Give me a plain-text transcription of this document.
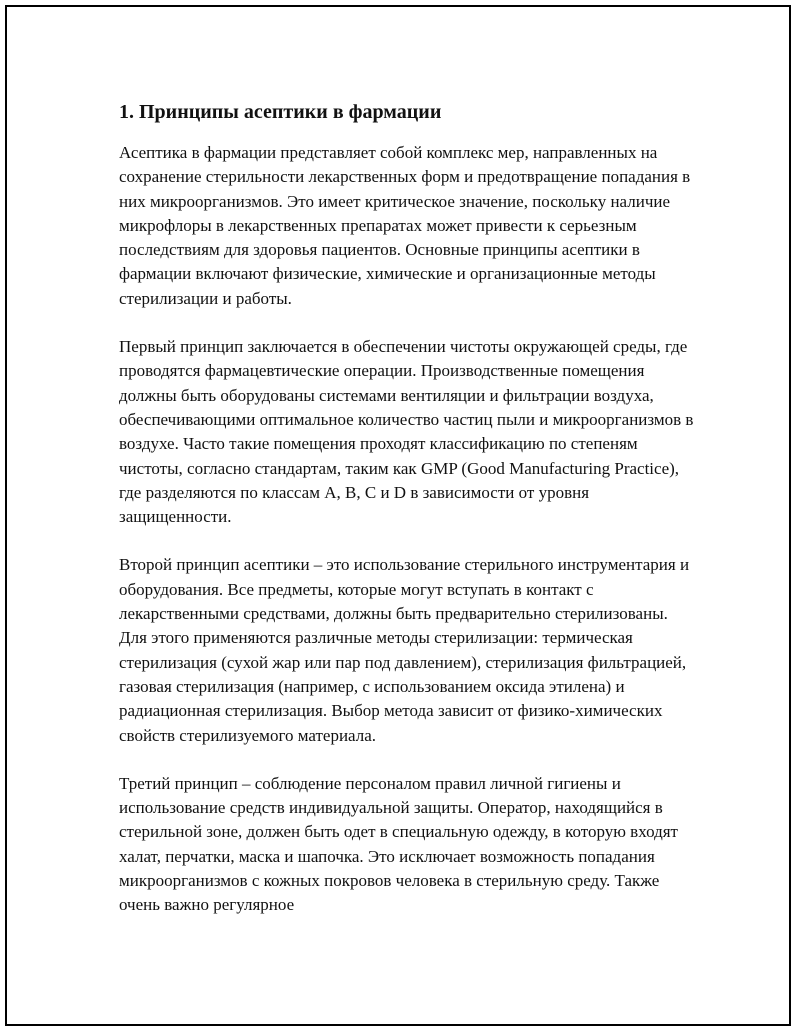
1. Принципы асептики в фармации

Асептика в фармации представляет собой комплекс мер, направленных на сохранение стерильности лекарственных форм и предотвращение попадания в них микроорганизмов. Это имеет критическое значение, поскольку наличие микрофлоры в лекарственных препаратах может привести к серьезным последствиям для здоровья пациентов. Основные принципы асептики в фармации включают физические, химические и организационные методы стерилизации и работы.

Первый принцип заключается в обеспечении чистоты окружающей среды, где проводятся фармацевтические операции. Производственные помещения должны быть оборудованы системами вентиляции и фильтрации воздуха, обеспечивающими оптимальное количество частиц пыли и микроорганизмов в воздухе. Часто такие помещения проходят классификацию по степеням чистоты, согласно стандартам, таким как GMP (Good Manufacturing Practice), где разделяются по классам A, B, C и D в зависимости от уровня защищенности.

Второй принцип асептики – это использование стерильного инструментария и оборудования. Все предметы, которые могут вступать в контакт с лекарственными средствами, должны быть предварительно стерилизованы. Для этого применяются различные методы стерилизации: термическая стерилизация (сухой жар или пар под давлением), стерилизация фильтрацией, газовая стерилизация (например, с использованием оксида этилена) и радиационная стерилизация. Выбор метода зависит от физико-химических свойств стерилизуемого материала.

Третий принцип – соблюдение персоналом правил личной гигиены и использование средств индивидуальной защиты. Оператор, находящийся в стерильной зоне, должен быть одет в специальную одежду, в которую входят халат, перчатки, маска и шапочка. Это исключает возможность попадания микроорганизмов с кожных покровов человека в стерильную среду. Также очень важно регулярное
